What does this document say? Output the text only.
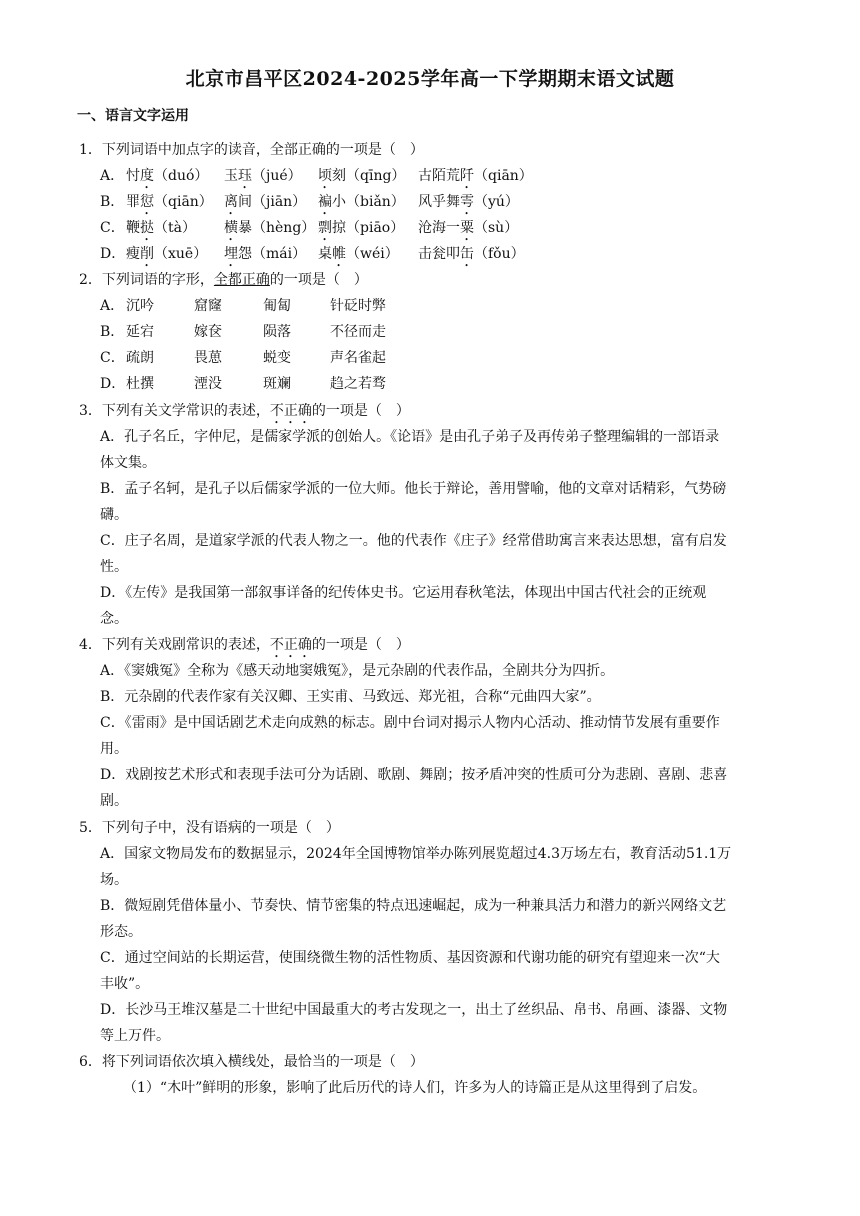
北京市昌平区2024-2025学年高一下学期期末语文试题
一、语言文字运用
1．下列词语中加点字的读音，全部正确的一项是（　）
A． 忖度（duó） 玉珏（jué） 顷刻（qīng） 古陌荒阡（qiān）
B． 罪愆（qiān） 离间（jiān） 褊小（biǎn） 风乎舞雩（yú）
C． 鞭挞（tà） 横暴（hèng） 剽掠（piāo） 沧海一粟（sù）
D． 瘦削（xuē） 埋怨（mái） 桌帷（wéi） 击瓮叩缶（fǒu）
2．下列词语的字形，全都正确的一项是（　）
A． 沉吟	窟窿	匍匐	针砭时弊
B． 延宕	嫁奁	陨落	不径而走
C． 疏朗	畏葸	蜕变	声名雀起
D． 杜撰	湮没	斑斓	趋之若骛
3．下列有关文学常识的表述，不正确的一项是（　）
A．孔子名丘，字仲尼，是儒家学派的创始人。《论语》是由孔子弟子及再传弟子整理编辑的一部语录
体文集。
B．孟子名轲，是孔子以后儒家学派的一位大师。他长于辩论，善用譬喻，他的文章对话精彩，气势磅
礴。
C．庄子名周，是道家学派的代表人物之一。他的代表作《庄子》经常借助寓言来表达思想，富有启发
性。
D．《左传》是我国第一部叙事详备的纪传体史书。它运用春秋笔法，体现出中国古代社会的正统观
念。
4．下列有关戏剧常识的表述，不正确的一项是（　）
A．《窦娥冤》全称为《感天动地窦娥冤》，是元杂剧的代表作品，全剧共分为四折。
B．元杂剧的代表作家有关汉卿、王实甫、马致远、郑光祖，合称“元曲四大家”。
C．《雷雨》是中国话剧艺术走向成熟的标志。剧中台词对揭示人物内心活动、推动情节发展有重要作
用。
D．戏剧按艺术形式和表现手法可分为话剧、歌剧、舞剧；按矛盾冲突的性质可分为悲剧、喜剧、悲喜
剧。
5．下列句子中，没有语病的一项是（　）
A．国家文物局发布的数据显示，2024年全国博物馆举办陈列展览超过4.3万场左右，教育活动51.1万
场。
B．微短剧凭借体量小、节奏快、情节密集的特点迅速崛起，成为一种兼具活力和潜力的新兴网络文艺
形态。
C．通过空间站的长期运营，使围绕微生物的活性物质、基因资源和代谢功能的研究有望迎来一次“大
丰收”。
D．长沙马王堆汉墓是二十世纪中国最重大的考古发现之一，出土了丝织品、帛书、帛画、漆器、文物
等上万件。
6．将下列词语依次填入横线处，最恰当的一项是（　）
（1）“木叶”鲜明的形象，影响了此后历代的诗人们，许多为人的诗篇正是从这里得到了启发。
